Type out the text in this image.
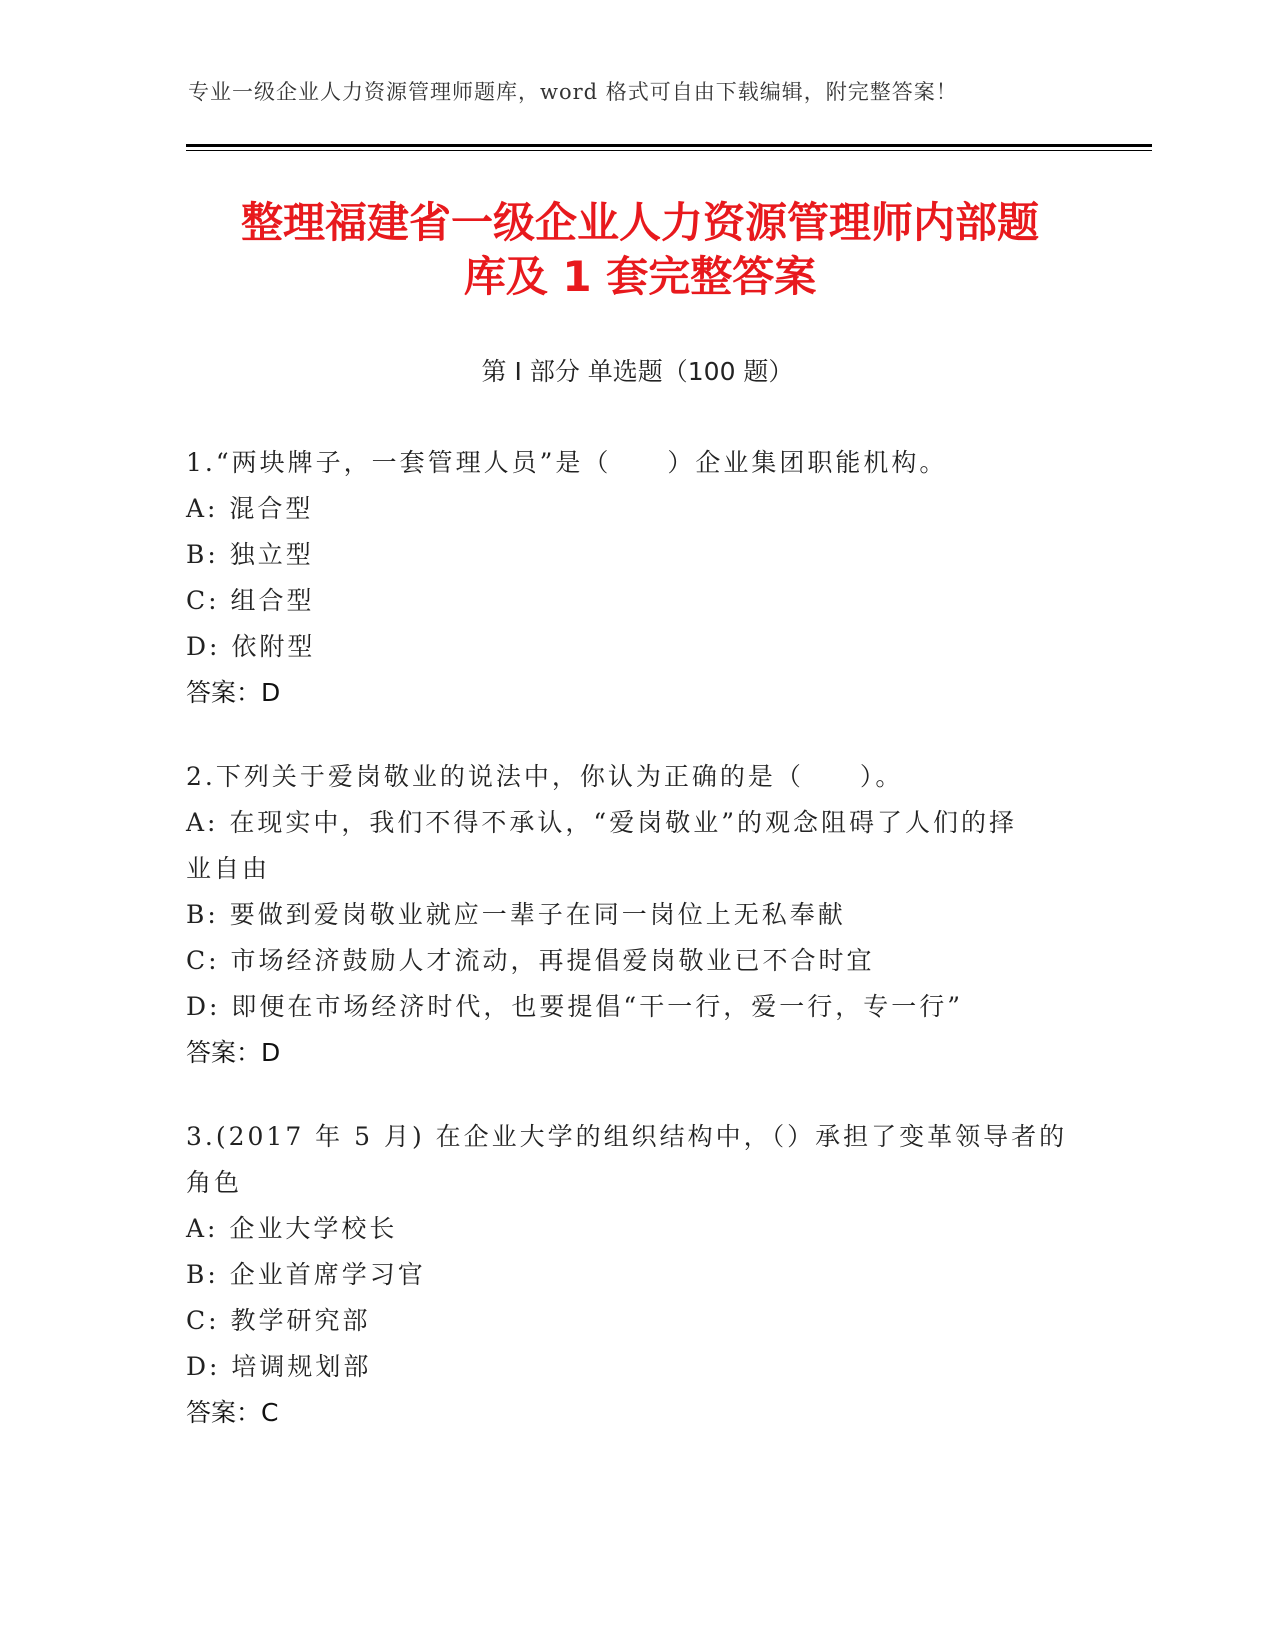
专业一级企业人力资源管理师题库，word 格式可自由下载编辑，附完整答案！
整理福建省一级企业人力资源管理师内部题
库及 1 套完整答案
第 I 部分 单选题（100 题）
1.“两块牌子，一套管理人员”是（　　）企业集团职能机构。
A: 混合型
B: 独立型
C: 组合型
D: 依附型
答案：D
2.下列关于爱岗敬业的说法中，你认为正确的是（　　）。
A: 在现实中，我们不得不承认，“爱岗敬业”的观念阻碍了人们的择
业自由
B: 要做到爱岗敬业就应一辈子在同一岗位上无私奉献
C: 市场经济鼓励人才流动，再提倡爱岗敬业已不合时宜
D: 即便在市场经济时代，也要提倡“干一行，爱一行，专一行”
答案：D
3.(2017 年 5 月) 在企业大学的组织结构中，（）承担了变革领导者的
角色
A: 企业大学校长
B: 企业首席学习官
C: 教学研究部
D: 培调规划部
答案：C
